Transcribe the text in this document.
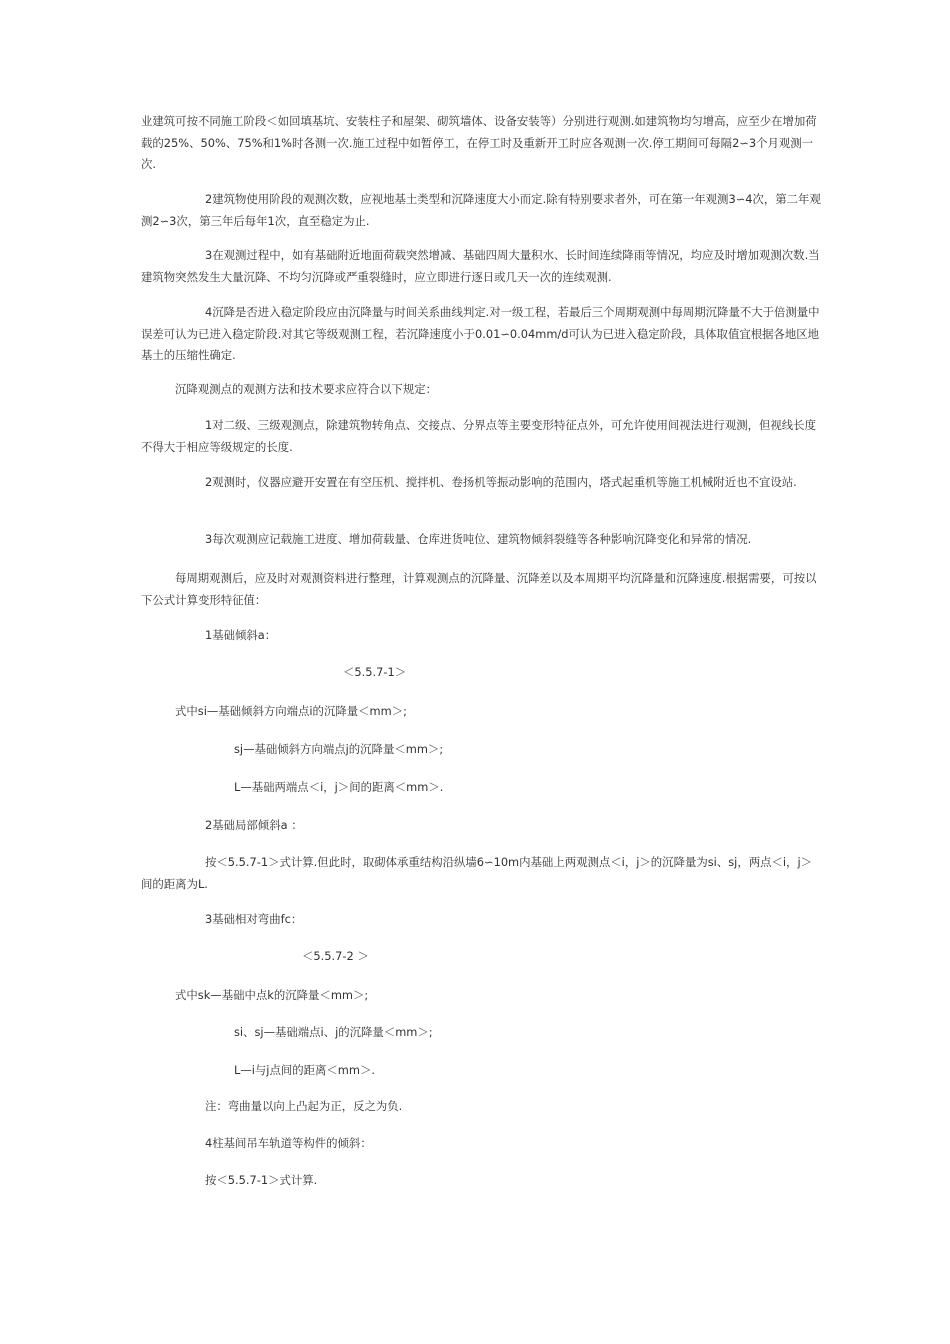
业建筑可按不同施工阶段＜如回填基坑、安装柱子和屋架、砌筑墙体、设备安装等）分别进行观测.如建筑物均匀增高，应至少在增加荷载的25%、50%、75%和1%时各测一次.施工过程中如暂停工，在停工时及重新开工时应各观测一次.停工期间可每隔2∽3个月观测一次.

2建筑物使用阶段的观测次数，应视地基土类型和沉降速度大小而定.除有特别要求者外，可在第一年观测3∽4次，第二年观测2∽3次，第三年后每年1次，直至稳定为止.

3在观测过程中，如有基础附近地面荷载突然增减、基础四周大量积水、长时间连续降雨等情况，均应及时增加观测次数.当建筑物突然发生大量沉降、不均匀沉降或严重裂缝时，应立即进行逐日或几天一次的连续观测.

4沉降是否进入稳定阶段应由沉降量与时间关系曲线判定.对一级工程，若最后三个周期观测中每周期沉降量不大于倍测量中误差可认为已进入稳定阶段.对其它等级观测工程，若沉降速度小于0.01∽0.04mm/d可认为已进入稳定阶段，具体取值宜根据各地区地基土的压缩性确定.

沉降观测点的观测方法和技术要求应符合以下规定：

1对二级、三级观测点，除建筑物转角点、交接点、分界点等主要变形特征点外，可允许使用间视法进行观测，但视线长度不得大于相应等级规定的长度.

2观测时，仪器应避开安置在有空压机、搅拌机、卷扬机等振动影响的范围内，塔式起重机等施工机械附近也不宜设站.

3每次观测应记载施工进度、增加荷载量、仓库进货吨位、建筑物倾斜裂缝等各种影响沉降变化和异常的情况.

每周期观测后，应及时对观测资料进行整理，计算观测点的沉降量、沉降差以及本周期平均沉降量和沉降速度.根据需要，可按以下公式计算变形特征值：

1基础倾斜a：

＜5.5.7-1＞

式中si—基础倾斜方向端点i的沉降量＜mm＞;

sj—基础倾斜方向端点j的沉降量＜mm＞;

L—基础两端点＜i，j＞间的距离＜mm＞.

2基础局部倾斜a ：

按＜5.5.7-1＞式计算.但此时，取砌体承重结构沿纵墙6∽10m内基础上两观测点＜i，j＞的沉降量为si、sj，两点＜i，j＞间的距离为L.

3基础相对弯曲fc：

＜5.5.7-2 ＞

式中sk—基础中点k的沉降量＜mm＞;

si、sj—基础端点i、j的沉降量＜mm＞;

L—i与j点间的距离＜mm＞.

注：弯曲量以向上凸起为正，反之为负.

4柱基间吊车轨道等构件的倾斜：

按＜5.5.7-1＞式计算.
